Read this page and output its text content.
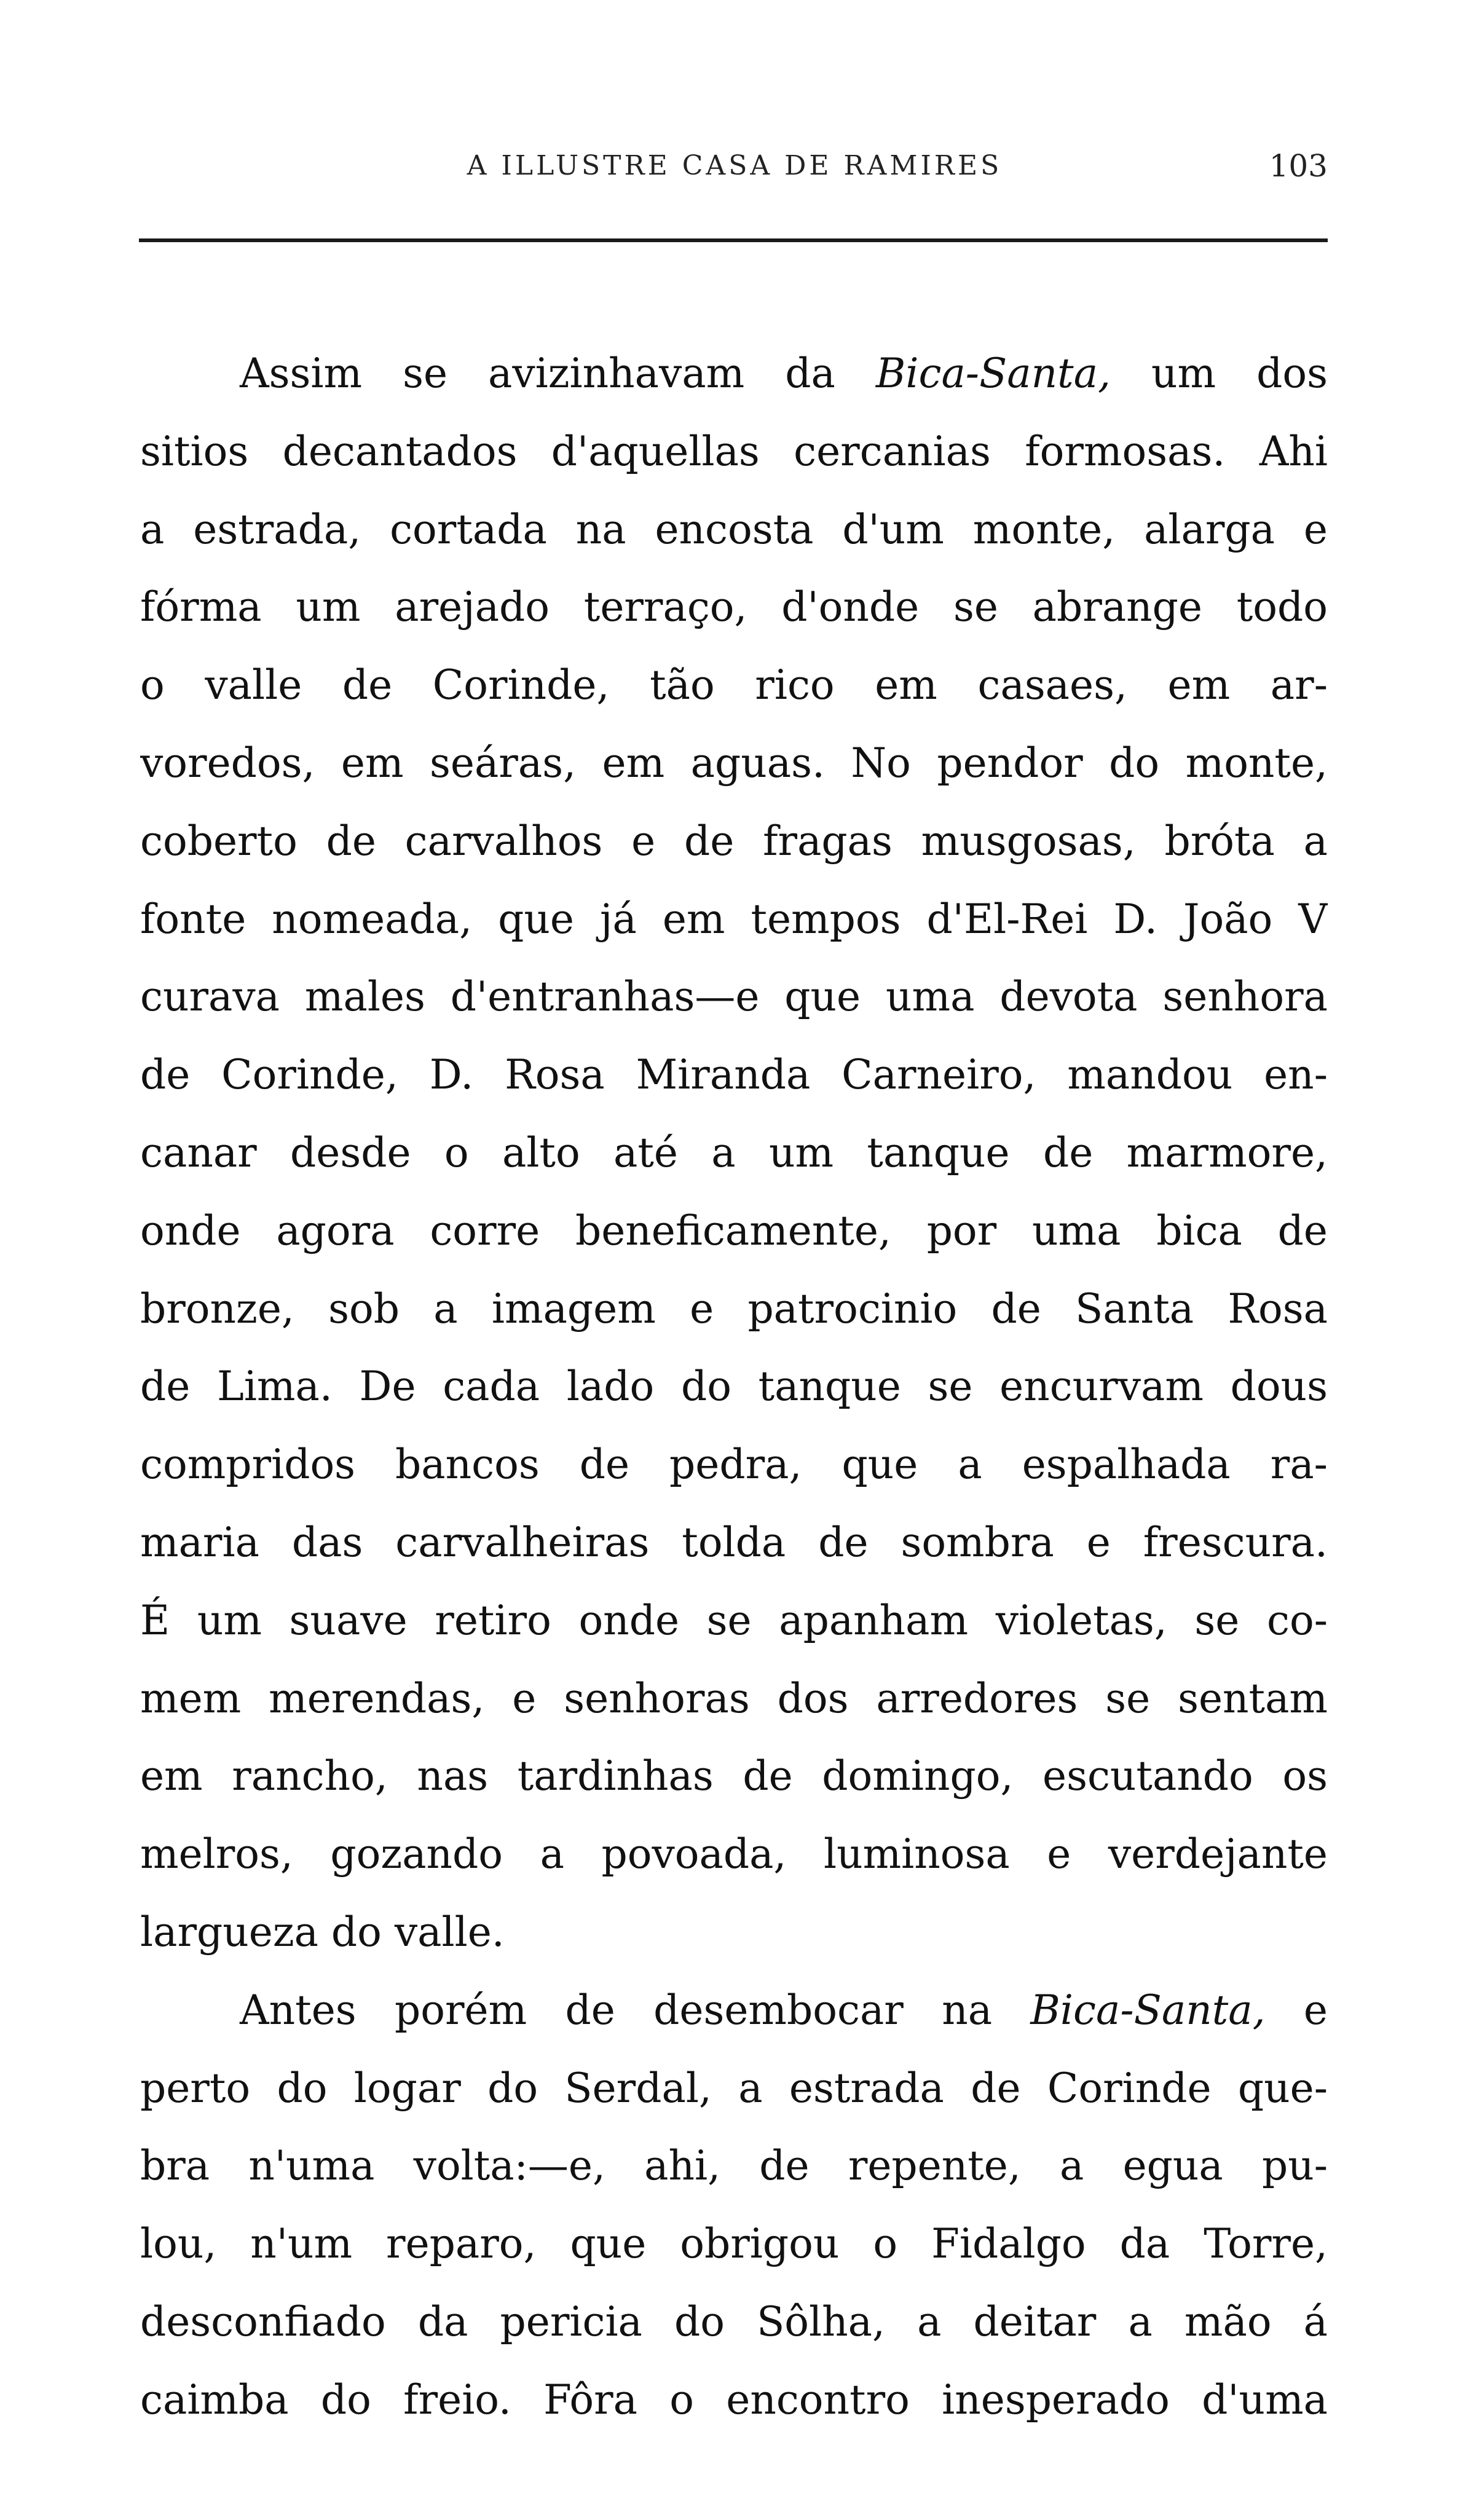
A ILLUSTRE CASA DE RAMIRES	103
Assim se avizinhavam da Bica-Santa, um dos
sitios decantados d'aquellas cercanias formosas. Ahi
a estrada, cortada na encosta d'um monte, alarga e
fórma um arejado terraço, d'onde se abrange todo
o valle de Corinde, tão rico em casaes, em ar-
voredos, em seáras, em aguas. No pendor do monte,
coberto de carvalhos e de fragas musgosas, bróta a
fonte nomeada, que já em tempos d'El-Rei D. João V
curava males d'entranhas—e que uma devota senhora
de Corinde, D. Rosa Miranda Carneiro, mandou en-
canar desde o alto até a um tanque de marmore,
onde agora corre beneficamente, por uma bica de
bronze, sob a imagem e patrocinio de Santa Rosa
de Lima. De cada lado do tanque se encurvam dous
compridos bancos de pedra, que a espalhada ra-
maria das carvalheiras tolda de sombra e frescura.
É um suave retiro onde se apanham violetas, se co-
mem merendas, e senhoras dos arredores se sentam
em rancho, nas tardinhas de domingo, escutando os
melros, gozando a povoada, luminosa e verdejante
largueza do valle.
Antes porém de desembocar na Bica-Santa, e
perto do logar do Serdal, a estrada de Corinde que-
bra n'uma volta:—e, ahi, de repente, a egua pu-
lou, n'um reparo, que obrigou o Fidalgo da Torre,
desconfiado da pericia do Sôlha, a deitar a mão á
caimba do freio. Fôra o encontro inesperado d'uma
